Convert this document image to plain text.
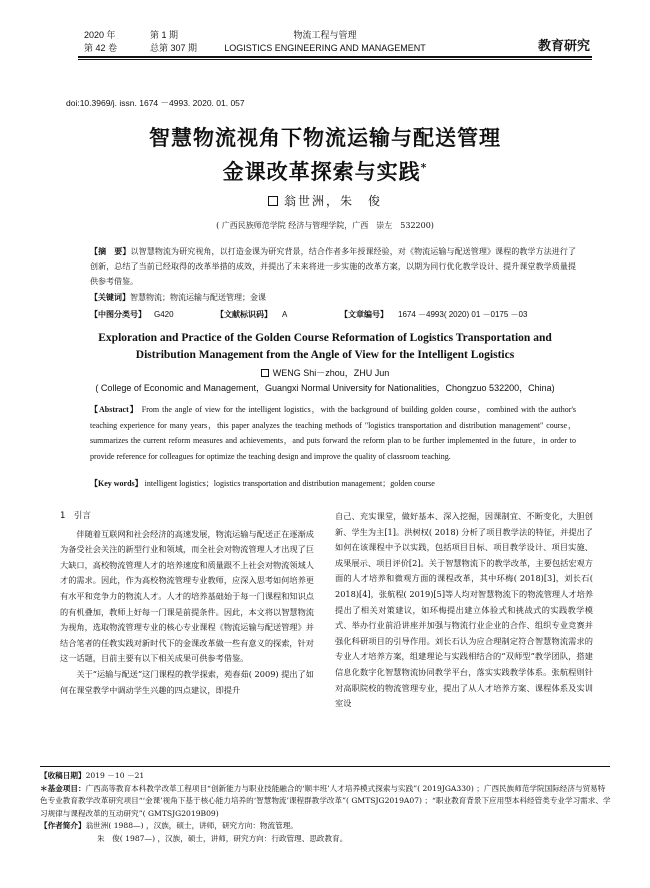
2020 年	第 1 期
第 42 卷	总第 307 期
物流工程与管理
LOGISTICS ENGINEERING AND MANAGEMENT	教育研究
doi:10.3969/j. issn. 1674 －4993. 2020. 01. 057
智慧物流视角下物流运输与配送管理
金课改革探索与实践*
翁世洲，朱　俊
( 广西民族师范学院 经济与管理学院，广西　崇左　532200)
【摘　要】以智慧物流为研究视角，以打造金课为研究背景，结合作者多年授课经验，对《物流运输与配送管理》课程的教学方法进行了创新，总结了当前已经取得的改革举措的成效，并提出了未来将进一步实施的改革方案，以期为同行优化教学设计、提升课堂教学质量提供参考借鉴。
【关键词】智慧物流；物流运输与配送管理；金课
【中图分类号】 G420	【文献标识码】 A	【文章编号】 1674 －4993( 2020) 01 －0175 －03
Exploration and Practice of the Golden Course Reformation of Logistics Transportation and
Distribution Management from the Angle of View for the Intelligent Logistics
WENG Shi－zhou，ZHU Jun
( College of Economic and Management，Guangxi Normal University for Nationalities，Chongzuo 532200，China)
【Abstract】 From the angle of view for the intelligent logistics，with the background of building golden course，combined with the author's teaching experience for many years，this paper analyzes the teaching methods of "logistics transportation and distribution management" course，summarizes the current reform measures and achievements，and puts forward the reform plan to be further implemented in the future，in order to provide reference for colleagues for optimize the teaching design and improve the quality of classroom teaching.
【Key words】 intelligent logistics；logistics transportation and distribution management；golden course
1　引言

伴随着互联网和社会经济的高速发展，物流运输与配送正在逐渐成为备受社会关注的新型行业和领域，而全社会对物流管理人才出现了巨大缺口，高校物流管理人才的培养速度和质量跟不上社会对物流领域人才的需求。因此，作为高校物流管理专业教师，应深入思考如何培养更有水平和竞争力的物流人才。人才的培养基础始于每一门课程和知识点的有机叠加，教师上好每一门课是前提条件。因此，本文将以智慧物流为视角，选取物流管理专业的核心专业课程《物流运输与配送管理》并结合笔者的任教实践对新时代下的金课改革做一些有意义的探索，针对这一话题，目前主要有以下相关成果可供参考借鉴。

关于“运输与配送”这门课程的教学探索，苑春茹( 2009) 提出了如何在课堂教学中调动学生兴趣的四点建议，即提升

自己、充实课堂，做好基本、深入挖掘，因课制宜、不断变化，大胆创新、学生为主[1]。洪树权( 2018) 分析了项目教学法的特征，并提出了如何在该课程中予以实践，包括项目目标、项目教学设计、项目实施、成果展示、项目评价[2]。关于智慧物流下的教学改革，主要包括宏观方面的人才培养和微观方面的课程改革，其中环梅( 2018)[3]，刘长石( 2018)[4]，张航程( 2019)[5]等人均对智慧物流下的物流管理人才培养提出了相关对策建议，如环梅提出建立体验式和挑战式的实践教学模式、举办行业前沿讲座并加强与物流行业企业的合作、组织专业竞赛并强化科研项目的引导作用。刘长石认为应合理制定符合智慧物流需求的专业人才培养方案，组建理论与实践相结合的“双师型”教学团队，搭建信息化数字化智慧物流协同教学平台，落实实践教学体系。张航程则针对高职院校的物流管理专业，提出了从人才培养方案、课程体系及实训室设

【收稿日期】2019 －10 －21
＊基金项目：广西高等教育本科教学改革工程项目“创新能力与职业技能融合的‘顺丰班’人才培养模式探索与实践”( 2019JGA330) ；广西民族师范学院国际经济与贸易特色专业教育教学改革研究项目“‘金课’视角下基于核心能力培养的‘智慧物流’课程群教学改革”( GMTSJG2019A07) ；“职业教育背景下应用型本科经管类专业学习需求、学习规律与课程改革的互动研究”( GMTSJG2019B09)
【作者简介】翁世洲( 1988—) ，汉族，硕士，讲师，研究方向：物流管理。
朱　俊( 1987—) ，汉族，硕士，讲师，研究方向：行政管理、思政教育。
